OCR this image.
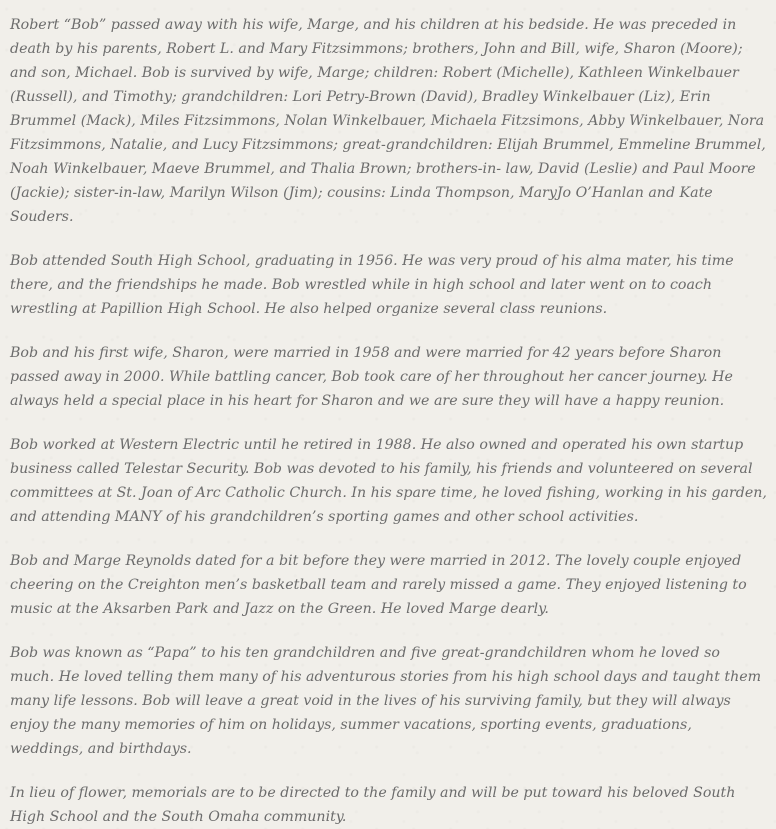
Robert “Bob” passed away with his wife, Marge, and his children at his bedside. He was preceded in death by his parents, Robert L. and Mary Fitzsimmons; brothers, John and Bill, wife, Sharon (Moore); and son, Michael. Bob is survived by wife, Marge; children: Robert (Michelle), Kathleen Winkelbauer (Russell), and Timothy; grandchildren: Lori Petry-Brown (David), Bradley Winkelbauer (Liz), Erin Brummel (Mack), Miles Fitzsimmons, Nolan Winkelbauer, Michaela Fitzsimons, Abby Winkelbauer, Nora Fitzsimmons, Natalie, and Lucy Fitzsimmons; great-grandchildren: Elijah Brummel, Emmeline Brummel, Noah Winkelbauer, Maeve Brummel, and Thalia Brown; brothers-in- law, David (Leslie) and Paul Moore (Jackie); sister-in-law, Marilyn Wilson (Jim); cousins: Linda Thompson, MaryJo O’Hanlan and Kate Souders.

Bob attended South High School, graduating in 1956. He was very proud of his alma mater, his time there, and the friendships he made. Bob wrestled while in high school and later went on to coach wrestling at Papillion High School. He also helped organize several class reunions.

Bob and his first wife, Sharon, were married in 1958 and were married for 42 years before Sharon passed away in 2000. While battling cancer, Bob took care of her throughout her cancer journey. He always held a special place in his heart for Sharon and we are sure they will have a happy reunion.

Bob worked at Western Electric until he retired in 1988. He also owned and operated his own startup business called Telestar Security. Bob was devoted to his family, his friends and volunteered on several committees at St. Joan of Arc Catholic Church. In his spare time, he loved fishing, working in his garden, and attending MANY of his grandchildren’s sporting games and other school activities.

Bob and Marge Reynolds dated for a bit before they were married in 2012. The lovely couple enjoyed cheering on the Creighton men’s basketball team and rarely missed a game. They enjoyed listening to music at the Aksarben Park and Jazz on the Green. He loved Marge dearly.

Bob was known as “Papa” to his ten grandchildren and five great-grandchildren whom he loved so much. He loved telling them many of his adventurous stories from his high school days and taught them many life lessons. Bob will leave a great void in the lives of his surviving family, but they will always enjoy the many memories of him on holidays, summer vacations, sporting events, graduations, weddings, and birthdays.

In lieu of flower, memorials are to be directed to the family and will be put toward his beloved South High School and the South Omaha community.
